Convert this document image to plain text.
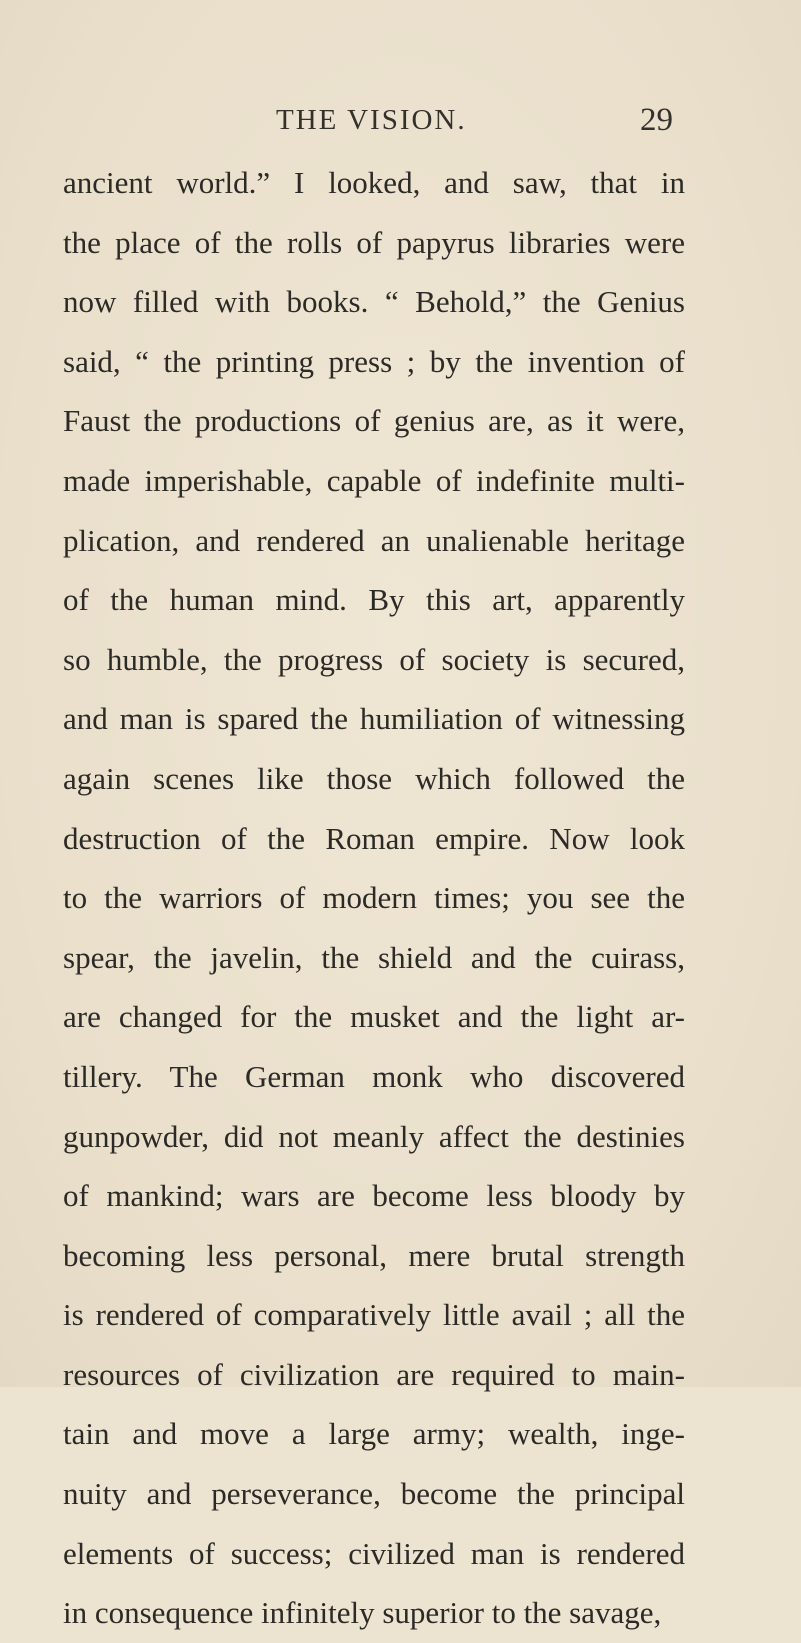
THE VISION.	29
ancient world.” I looked, and saw, that in
the place of the rolls of papyrus libraries were
now filled with books. “ Behold,” the Genius
said, “ the printing press ; by the invention of
Faust the productions of genius are, as it were,
made imperishable, capable of indefinite multi-
plication, and rendered an unalienable heritage
of the human mind. By this art, apparently
so humble, the progress of society is secured,
and man is spared the humiliation of witnessing
again scenes like those which followed the
destruction of the Roman empire. Now look
to the warriors of modern times; you see the
spear, the javelin, the shield and the cuirass,
are changed for the musket and the light ar-
tillery. The German monk who discovered
gunpowder, did not meanly affect the destinies
of mankind; wars are become less bloody by
becoming less personal, mere brutal strength
is rendered of comparatively little avail ; all the
resources of civilization are required to main-
tain and move a large army; wealth, inge-
nuity and perseverance, become the principal
elements of success; civilized man is rendered
in consequence infinitely superior to the savage,
